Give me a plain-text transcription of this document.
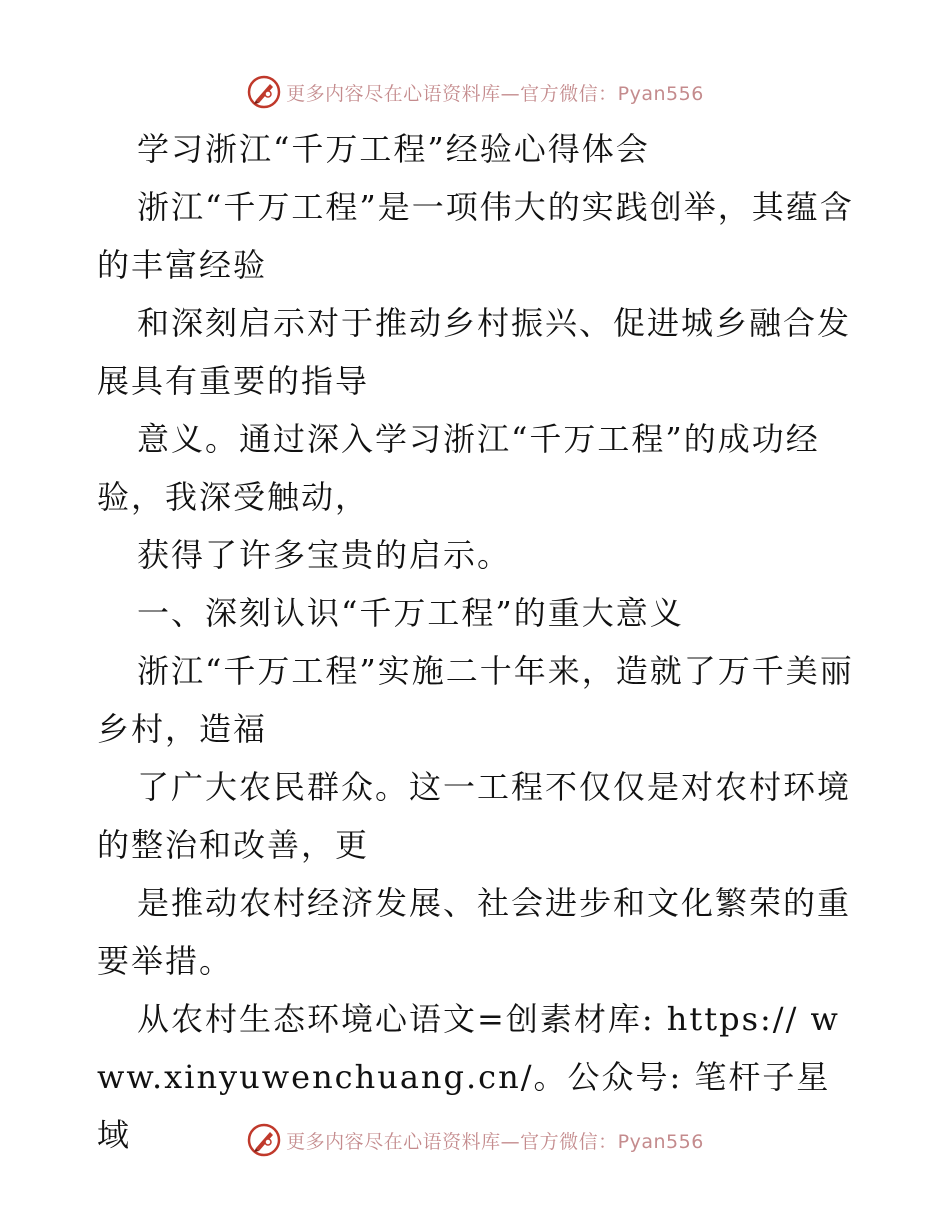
更多内容尽在心语资料库—官方微信：Pyan556

学习浙江“千万工程”经验心得体会

浙江“千万工程”是一项伟大的实践创举，其蕴含的丰富经验

和深刻启示对于推动乡村振兴、促进城乡融合发展具有重要的指导

意义。通过深入学习浙江“千万工程”的成功经验，我深受触动，

获得了许多宝贵的启示。

一、深刻认识“千万工程”的重大意义

浙江“千万工程”实施二十年来，造就了万千美丽乡村，造福

了广大农民群众。这一工程不仅仅是对农村环境的整治和改善，更

是推动农村经济发展、社会进步和文化繁荣的重要举措。

从农村生态环境心语文=创素材库: https:// www.xinyuwenchuang.cn/。公众号: 笔杆子星域	更多内容尽在心语资料库—官方微信：Pyan556
